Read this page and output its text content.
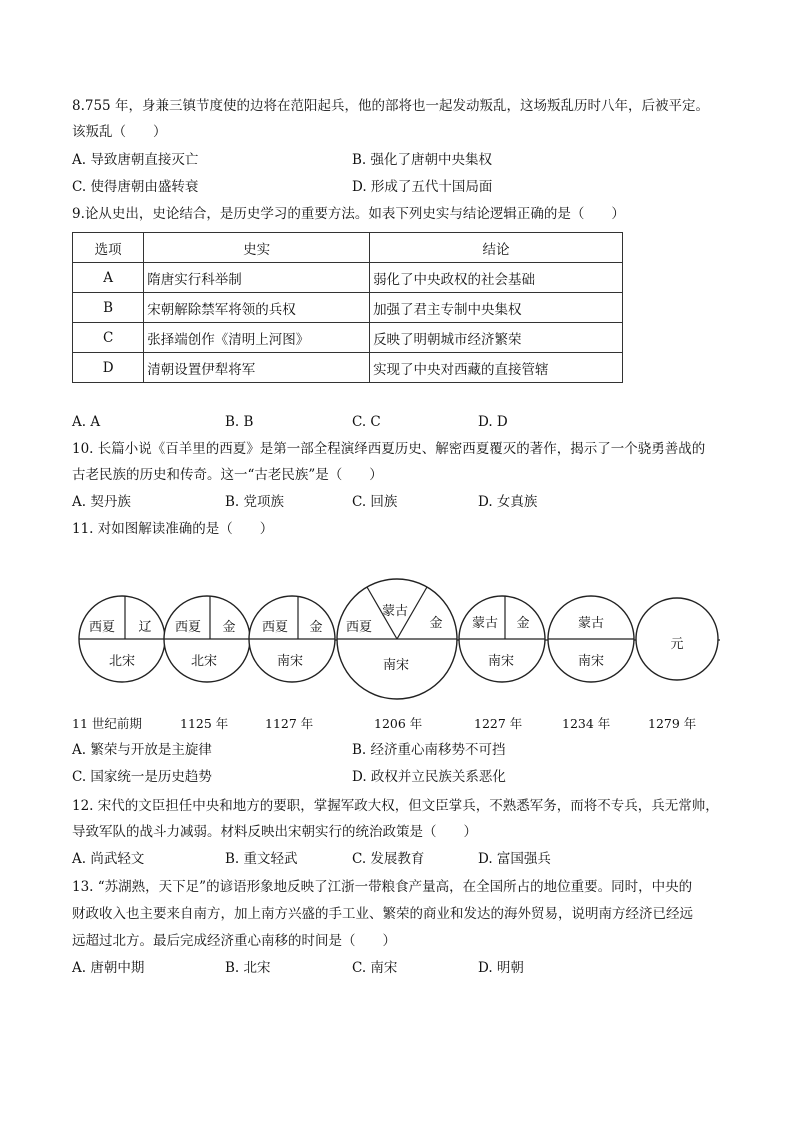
8.755 年，身兼三镇节度使的边将在范阳起兵，他的部将也一起发动叛乱，这场叛乱历时八年，后被平定。
该叛乱（　　）
A. 导致唐朝直接灭亡	B. 强化了唐朝中央集权
C. 使得唐朝由盛转衰	D. 形成了五代十国局面
9.论从史出，史论结合，是历史学习的重要方法。如表下列史实与结论逻辑正确的是（　　）
选项	史实	结论
A	隋唐实行科举制	弱化了中央政权的社会基础
B	宋朝解除禁军将领的兵权	加强了君主专制中央集权
C	张择端创作《清明上河图》	反映了明朝城市经济繁荣
D	清朝设置伊犁将军	实现了中央对西藏的直接管辖
A. A	B. B	C. C	D. D
10. 长篇小说《百羊里的西夏》是第一部全程演绎西夏历史、解密西夏覆灭的著作，揭示了一个骁勇善战的
古老民族的历史和传奇。这一“古老民族”是（　　）
A. 契丹族	B. 党项族	C. 回族	D. 女真族
11. 对如图解读准确的是（　　）
西夏 辽
北宋
西夏 金
北宋
西夏 金
南宋
西夏
蒙古
金
南宋
蒙古 金
南宋
蒙古
南宋
元
11 世纪前期	1125 年	1127 年	1206 年	1227 年	1234 年	1279 年
A. 繁荣与开放是主旋律	B. 经济重心南移势不可挡
C. 国家统一是历史趋势	D. 政权并立民族关系恶化
12. 宋代的文臣担任中央和地方的要职，掌握军政大权，但文臣掌兵，不熟悉军务，而将不专兵，兵无常帅，
导致军队的战斗力减弱。材料反映出宋朝实行的统治政策是（　　）
A. 尚武轻文	B. 重文轻武	C. 发展教育	D. 富国强兵
13. “苏湖熟，天下足”的谚语形象地反映了江浙一带粮食产量高，在全国所占的地位重要。同时，中央的
财政收入也主要来自南方，加上南方兴盛的手工业、繁荣的商业和发达的海外贸易，说明南方经济已经远
远超过北方。最后完成经济重心南移的时间是（　　）
A. 唐朝中期	B. 北宋	C. 南宋	D. 明朝
